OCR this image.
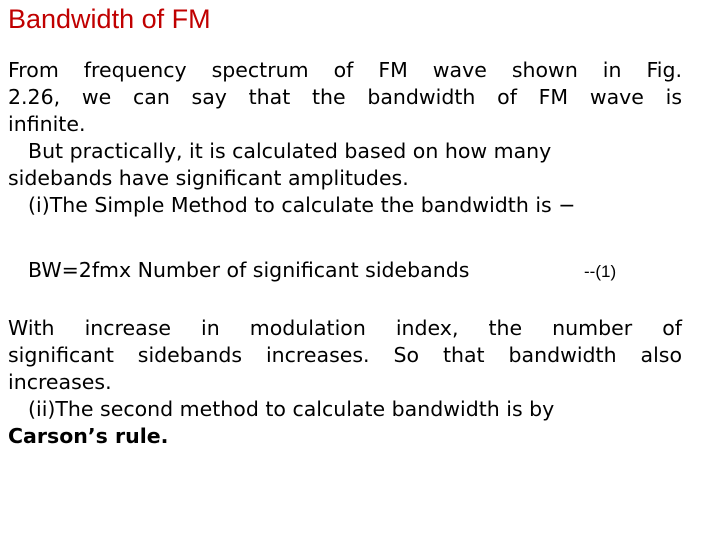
Bandwidth of FM
From frequency spectrum of FM wave shown in Fig.
2.26, we can say that the bandwidth of FM wave is
infinite.
But practically, it is calculated based on how many
sidebands have significant amplitudes.
(i)The Simple Method to calculate the bandwidth is −
BW=2fmx Number of significant sidebands	--(1)
With increase in modulation index, the number of
significant sidebands increases. So that bandwidth also
increases.
(ii)The second method to calculate bandwidth is by
Carson’s rule.
